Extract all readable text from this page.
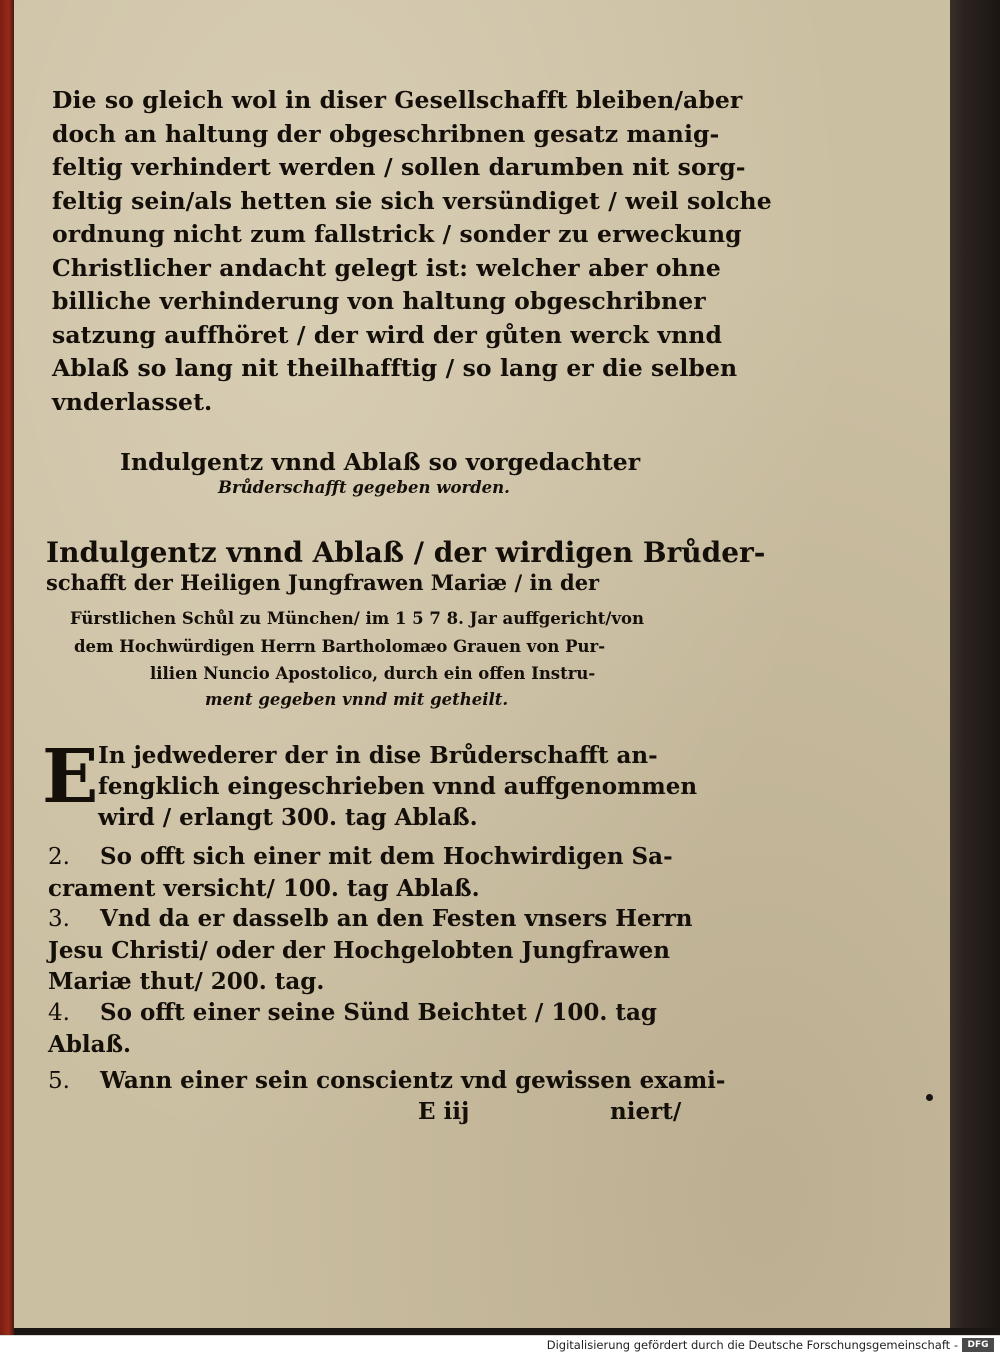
Die so gleich wol in diser Gesellschafft bleiben/aber
doch an haltung der obgeschribnen gesatz manig-
feltig verhindert werden / sollen darumben nit sorg-
feltig sein/als hetten sie sich versündiget / weil solche
ordnung nicht zum fallstrick / sonder zu erweckung
Christlicher andacht gelegt ist: welcher aber ohne
billiche verhinderung von haltung obgeschribner
satzung auffhöret / der wird der gůten werck vnnd
Ablaß so lang nit theilhafftig / so lang er die selben
vnderlasset.
Indulgentz vnnd Ablaß so vorgedachter
Brůderschafft gegeben worden.
Indulgentz vnnd Ablaß / der wirdigen Brůder-
schafft der Heiligen Jungfrawen Mariæ / in der
Fürstlichen Schůl zu München/ im 1 5 7 8. Jar auffgericht/von
dem Hochwürdigen Herrn Bartholomæo Grauen von Pur-
lilien Nuncio Apostolico, durch ein offen Instru-
ment gegeben vnnd mit getheilt.
E In jedwederer der in dise Brůderschafft an-
fengklich eingeschrieben vnnd auffgenommen
wird / erlangt 300. tag Ablaß.
2. So offt sich einer mit dem Hochwirdigen Sa-
crament versicht/ 100. tag Ablaß.
3. Vnd da er dasselb an den Festen vnsers Herrn
Jesu Christi/ oder der Hochgelobten Jungfrawen
Mariæ thut/ 200. tag.
4. So offt einer seine Sünd Beichtet / 100. tag
Ablaß.
5. Wann einer sein conscientz vnd gewissen exami-
E iij	niert/
Digitalisierung gefördert durch die Deutsche Forschungsgemeinschaft -	DFG
